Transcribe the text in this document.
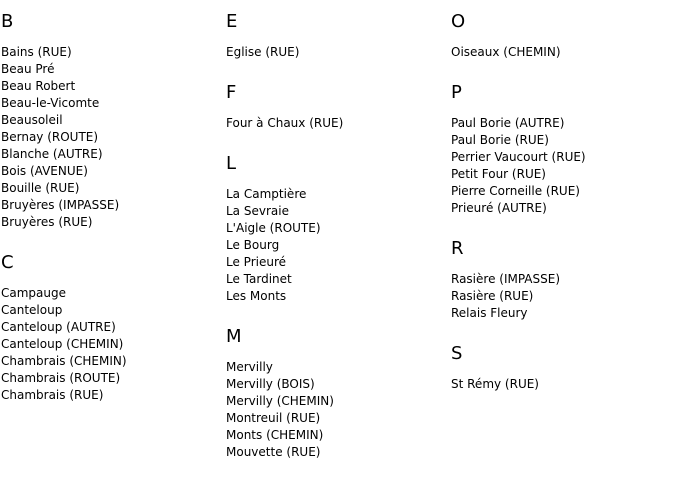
B
Bains (RUE)
Beau Pré
Beau Robert
Beau-le-Vicomte
Beausoleil
Bernay (ROUTE)
Blanche (AUTRE)
Bois (AVENUE)
Bouille (RUE)
Bruyères (IMPASSE)
Bruyères (RUE)
C
Campauge
Canteloup
Canteloup (AUTRE)
Canteloup (CHEMIN)
Chambrais (CHEMIN)
Chambrais (ROUTE)
Chambrais (RUE)
E
Eglise (RUE)
F
Four à Chaux (RUE)
L
La Camptière
La Sevraie
L'Aigle (ROUTE)
Le Bourg
Le Prieuré
Le Tardinet
Les Monts
M
Mervilly
Mervilly (BOIS)
Mervilly (CHEMIN)
Montreuil (RUE)
Monts (CHEMIN)
Mouvette (RUE)
O
Oiseaux (CHEMIN)
P
Paul Borie (AUTRE)
Paul Borie (RUE)
Perrier Vaucourt (RUE)
Petit Four (RUE)
Pierre Corneille (RUE)
Prieuré (AUTRE)
R
Rasière (IMPASSE)
Rasière (RUE)
Relais Fleury
S
St Rémy (RUE)
